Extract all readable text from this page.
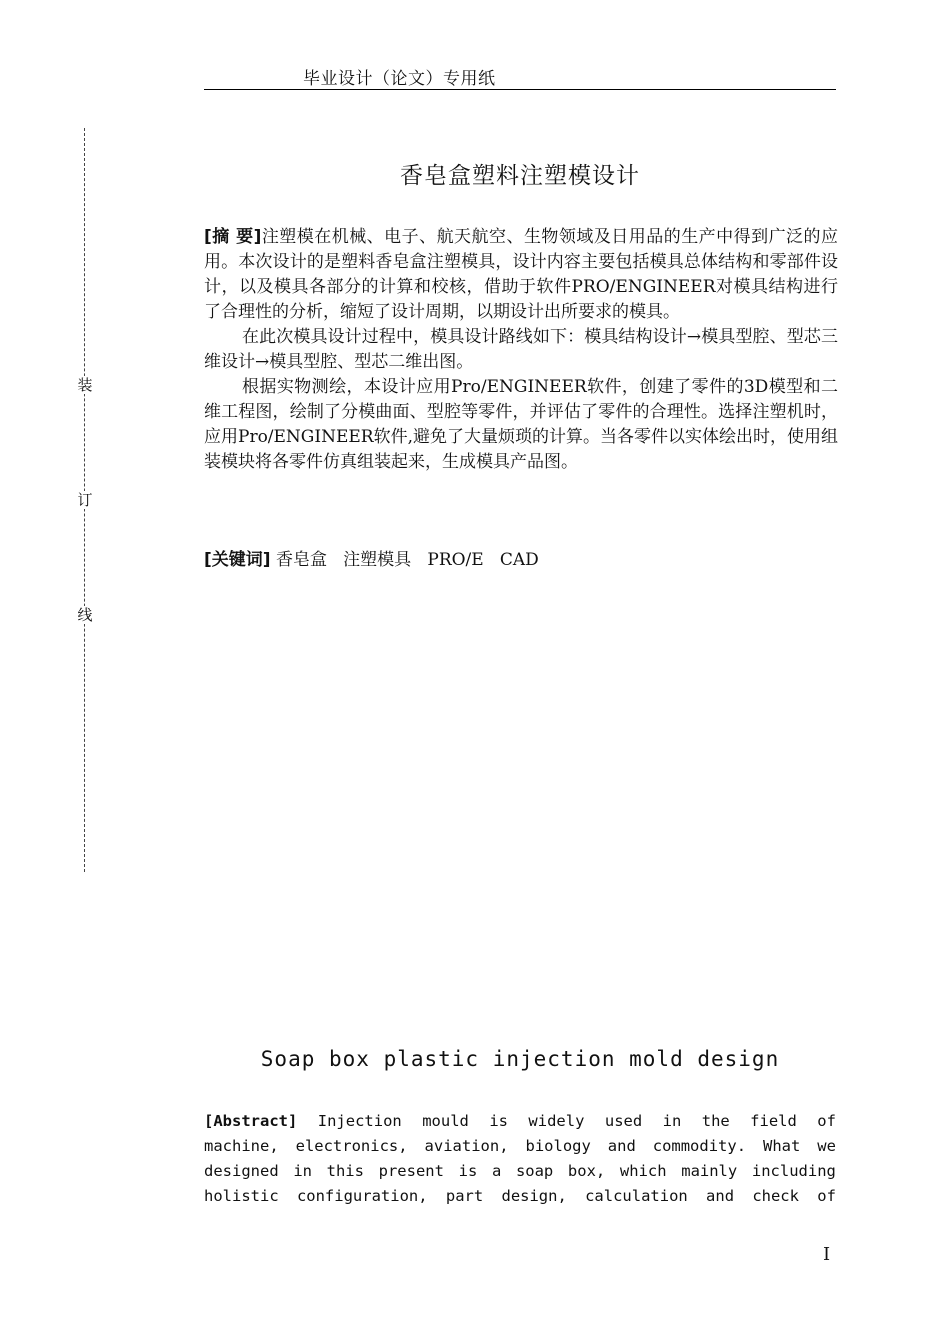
毕业设计（论文）专用纸
装
订
线
香皂盒塑料注塑模设计

[摘 要]注塑模在机械、电子、航天航空、生物领域及日用品的生产中得到广泛的应用。本次设计的是塑料香皂盒注塑模具，设计内容主要包括模具总体结构和零部件设计，以及模具各部分的计算和校核，借助于软件PRO/ENGINEER对模具结构进行了合理性的分析，缩短了设计周期，以期设计出所要求的模具。

在此次模具设计过程中，模具设计路线如下：模具结构设计→模具型腔、型芯三维设计→模具型腔、型芯二维出图。

根据实物测绘，本设计应用Pro/ENGINEER软件，创建了零件的3D模型和二维工程图，绘制了分模曲面、型腔等零件，并评估了零件的合理性。选择注塑机时，应用Pro/ENGINEER软件,避免了大量烦琐的计算。当各零件以实体绘出时，使用组装模块将各零件仿真组装起来，生成模具产品图。

[关键词] 香皂盒   注塑模具   PRO/E   CAD
Soap box plastic injection mold design
[Abstract] Injection mould is widely used in the field of
machine, electronics, aviation, biology and commodity. What we
designed in this present is a soap box, which mainly including
holistic configuration, part design, calculation and check of
I
